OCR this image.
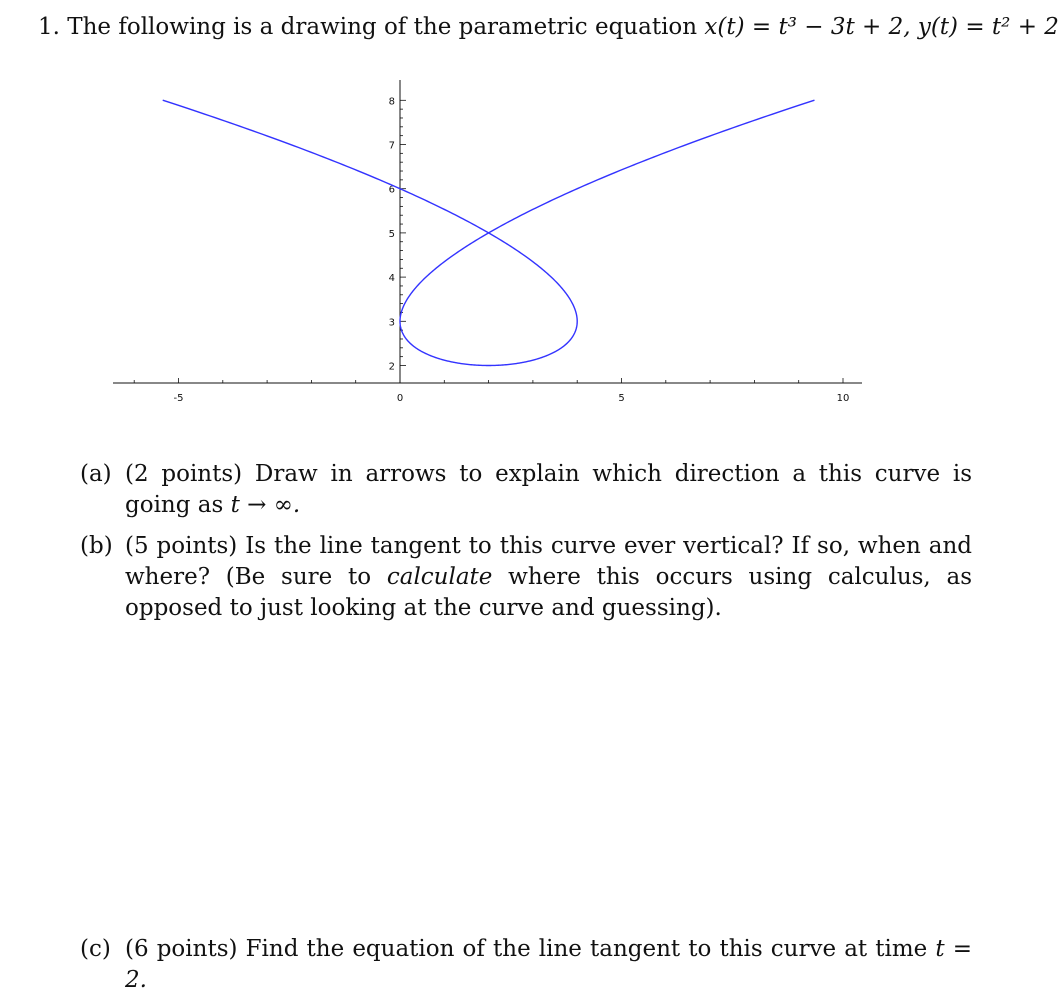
1. The following is a drawing of the parametric equation x(t) = t³ − 3t + 2, y(t) = t² + 2
-5	0	5	10
2
3
4
5
6
7
8
(a) (2 points) Draw in arrows to explain which direction a this curve is going as t → ∞.
(b) (5 points) Is the line tangent to this curve ever vertical? If so, when and where? (Be sure to calculate where this occurs using calculus, as opposed to just looking at the curve and guessing).
(c) (6 points) Find the equation of the line tangent to this curve at time t = 2.
